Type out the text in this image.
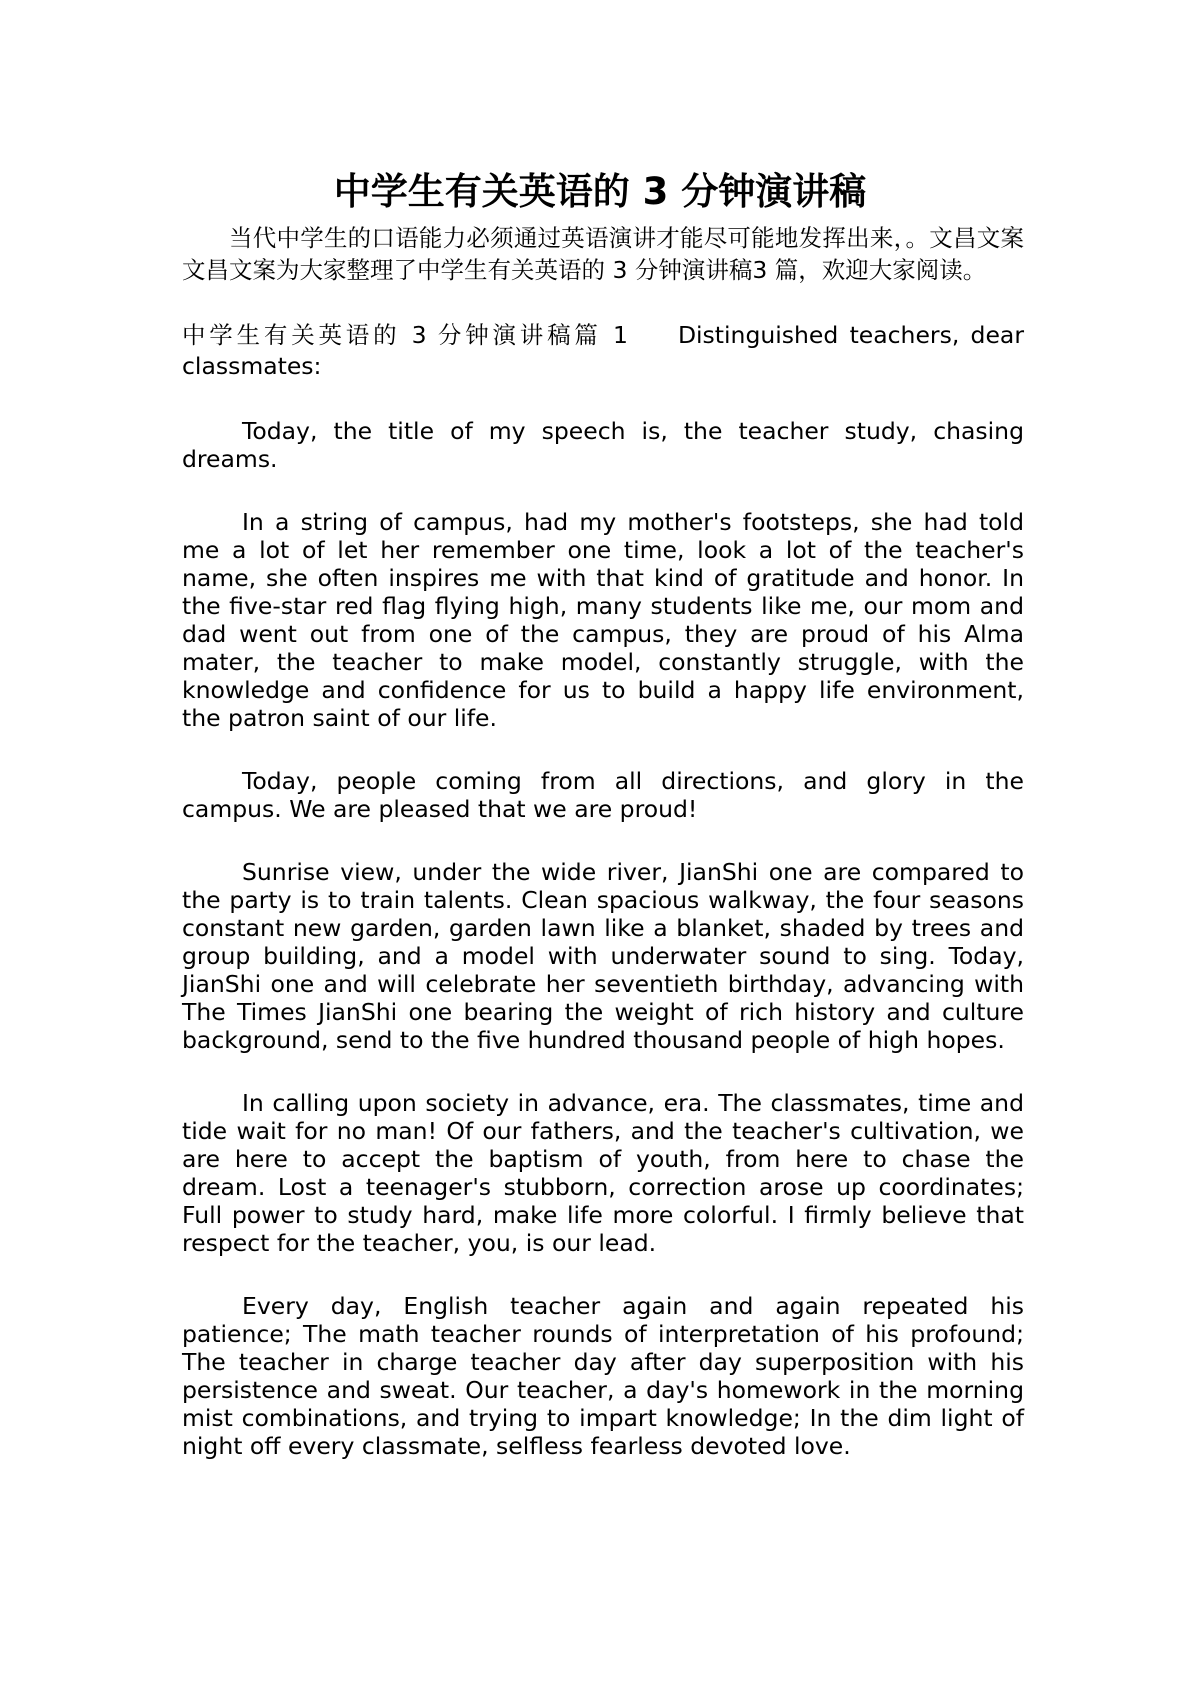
中学生有关英语的 3 分钟演讲稿

当代中学生的口语能力必须通过英语演讲才能尽可能地发挥出来，。文昌文案文昌文案为大家整理了中学生有关英语的 3 分钟演讲稿3 篇，欢迎大家阅读。

中学生有关英语的 3 分钟演讲稿篇 1 Distinguished teachers, dear classmates:

Today, the title of my speech is, the teacher study, chasing dreams.

In a string of campus, had my mother's footsteps, she had told me a lot of let her remember one time, look a lot of the teacher's name, she often inspires me with that kind of gratitude and honor. In the five-star red flag flying high, many students like me, our mom and dad went out from one of the campus, they are proud of his Alma mater, the teacher to make model, constantly struggle, with the knowledge and confidence for us to build a happy life environment, the patron saint of our life.

Today, people coming from all directions, and glory in the campus. We are pleased that we are proud!

Sunrise view, under the wide river, JianShi one are compared to the party is to train talents. Clean spacious walkway, the four seasons constant new garden, garden lawn like a blanket, shaded by trees and group building, and a model with underwater sound to sing. Today, JianShi one and will celebrate her seventieth birthday, advancing with The Times JianShi one bearing the weight of rich history and culture background, send to the five hundred thousand people of high hopes.

In calling upon society in advance, era. The classmates, time and tide wait for no man! Of our fathers, and the teacher's cultivation, we are here to accept the baptism of youth, from here to chase the dream. Lost a teenager's stubborn, correction arose up coordinates; Full power to study hard, make life more colorful. I firmly believe that respect for the teacher, you, is our lead.

Every day, English teacher again and again repeated his patience; The math teacher rounds of interpretation of his profound; The teacher in charge teacher day after day superposition with his persistence and sweat. Our teacher, a day's homework in the morning mist combinations, and trying to impart knowledge; In the dim light of night off every classmate, selfless fearless devoted love.
